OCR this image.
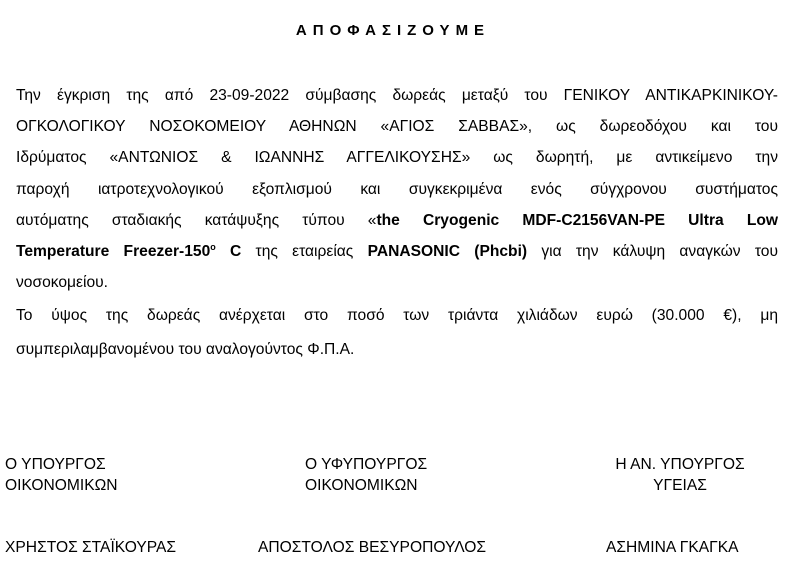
ΑΠΟΦΑΣΙΖΟΥΜΕ
Την έγκριση της από 23-09-2022 σύμβασης δωρεάς μεταξύ του ΓΕΝΙΚΟΥ ΑΝΤΙΚΑΡΚΙΝΙΚΟΥ-
ΟΓΚΟΛΟΓΙΚΟΥ ΝΟΣΟΚΟΜΕΙΟΥ ΑΘΗΝΩΝ «ΑΓΙΟΣ ΣΑΒΒΑΣ», ως δωρεοδόχου και του
Ιδρύματος «ΑΝΤΩΝΙΟΣ & ΙΩΑΝΝΗΣ ΑΓΓΕΛΙΚΟΥΣΗΣ» ως δωρητή, με αντικείμενο την
παροχή ιατροτεχνολογικού εξοπλισμού και συγκεκριμένα ενός σύγχρονου συστήματος
αυτόματης σταδιακής κατάψυξης τύπου «the Cryogenic MDF-C2156VAN-PE Ultra Low
Temperature Freezer-150$^o$ C της εταιρείας PANASONIC (Phcbi) για την κάλυψη αναγκών του
νοσοκομείου.
Το ύψος της δωρεάς ανέρχεται στο ποσό των τριάντα χιλιάδων ευρώ (30.000 €), μη
συμπεριλαμβανομένου του αναλογούντος Φ.Π.Α.
Ο ΥΠΟΥΡΓΟΣ
ΟΙΚΟΝΟΜΙΚΩΝ
ΧΡΗΣΤΟΣ ΣΤΑΪΚΟΥΡΑΣ
Ο ΥΦΥΠΟΥΡΓΟΣ
ΟΙΚΟΝΟΜΙΚΩΝ
ΑΠΟΣΤΟΛΟΣ ΒΕΣΥΡΟΠΟΥΛΟΣ
Η ΑΝ. ΥΠΟΥΡΓΟΣ
ΥΓΕΙΑΣ
ΑΣΗΜΙΝΑ ΓΚΑΓΚΑ
